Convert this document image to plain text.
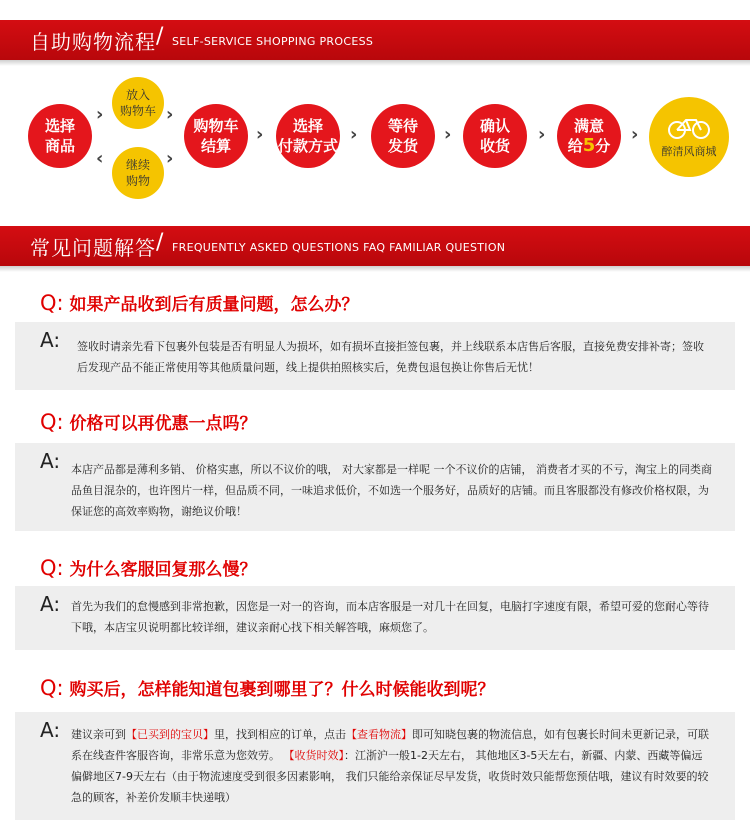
自助购物流程 / SELF-SERVICE SHOPPING PROCESS
选择
商品
›
‹
放入
购物车
继续
购物
›
›
购物车
结算
›	选择
付款方式
› 等待
发货
› 确认
收货
›	满意
给5分
›
醉清风商城
常见问题解答 / FREQUENTLY ASKED QUESTIONS FAQ FAMILIAR QUESTION
Q: 如果产品收到后有质量问题，怎么办？
A: 签收时请亲先看下包裹外包装是否有明显人为损坏，如有损坏直接拒签包裹，并上线联系本店售后客服，直接免费安排补寄；签收后发现产品不能正常使用等其他质量问题，线上提供拍照核实后，免费包退包换让你售后无忧！
Q: 价格可以再优惠一点吗？
A: 本店产品都是薄利多销、 价格实惠，所以不议价的哦， 对大家都是一样呢 一个不议价的店铺， 消费者才买的不亏，淘宝上的同类商品鱼目混杂的，也许图片一样，但品质不同，一味追求低价，不如选一个服务好，品质好的店铺。而且客服都没有修改价格权限，为保证您的高效率购物，谢绝议价哦！
Q: 为什么客服回复那么慢？
A: 首先为我们的怠慢感到非常抱歉，因您是一对一的咨询，而本店客服是一对几十在回复，电脑打字速度有限，希望可爱的您耐心等待下哦，本店宝贝说明都比较详细，建议亲耐心找下相关解答哦，麻烦您了。
Q: 购买后，怎样能知道包裹到哪里了？什么时候能收到呢？
A: 建议亲可到【已买到的宝贝】里，找到相应的订单，点击【查看物流】即可知晓包裹的物流信息，如有包裹长时间未更新记录，可联系在线查件客服咨询，非常乐意为您效劳。 【收货时效】：江浙沪一般1-2天左右， 其他地区3-5天左右，新疆、内蒙、西藏等偏远偏僻地区7-9天左右（由于物流速度受到很多因素影响， 我们只能给亲保证尽早发货，收货时效只能帮您预估哦，建议有时效要的较急的顾客，补差价发顺丰快递哦）
